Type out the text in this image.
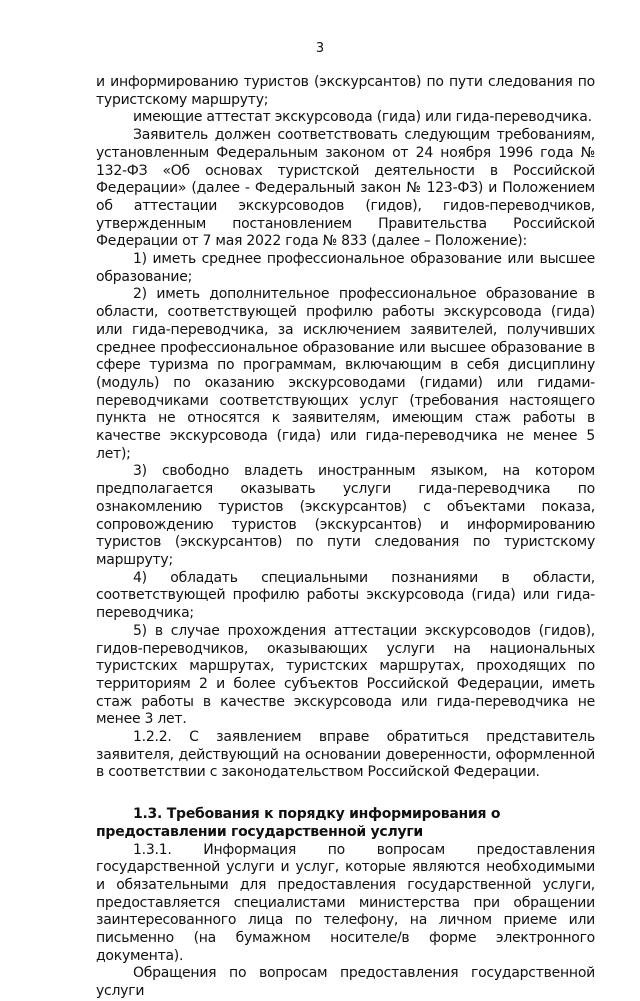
3

и информированию туристов (экскурсантов) по пути следования по туристскому маршруту;

имеющие аттестат экскурсовода (гида) или гида-переводчика.

Заявитель должен соответствовать следующим требованиям, установленным Федеральным законом от 24 ноября 1996 года № 132-ФЗ «Об основах туристской деятельности в Российской Федерации» (далее - Федеральный закон № 123-ФЗ) и Положением об аттестации экскурсоводов (гидов), гидов-переводчиков, утвержденным постановлением Правительства Российской Федерации от 7 мая 2022 года № 833 (далее – Положение):

1) иметь среднее профессиональное образование или высшее образование;

2) иметь дополнительное профессиональное образование в области, соответствующей профилю работы экскурсовода (гида) или гида-переводчика, за исключением заявителей, получивших среднее профессиональное образование или высшее образование в сфере туризма по программам, включающим в себя дисциплину (модуль) по оказанию экскурсоводами (гидами) или гидами-переводчиками соответствующих услуг (требования настоящего пункта не относятся к заявителям, имеющим стаж работы в качестве экскурсовода (гида) или гида-переводчика не менее 5 лет);

3) свободно владеть иностранным языком, на котором предполагается оказывать услуги гида-переводчика по ознакомлению туристов (экскурсантов) с объектами показа, сопровождению туристов (экскурсантов) и информированию туристов (экскурсантов) по пути следования по туристскому маршруту;

4) обладать специальными познаниями в области, соответствующей профилю работы экскурсовода (гида) или гида-переводчика;

5) в случае прохождения аттестации экскурсоводов (гидов), гидов-переводчиков, оказывающих услуги на национальных туристских маршрутах, туристских маршрутах, проходящих по территориям 2 и более субъектов Российской Федерации, иметь стаж работы в качестве экскурсовода или гида-переводчика не менее 3 лет.

1.2.2. С заявлением вправе обратиться представитель заявителя, действующий на основании доверенности, оформленной в соответствии с законодательством Российской Федерации.

1.3. Требования к порядку информирования о предоставлении государственной услуги

1.3.1. Информация по вопросам предоставления государственной услуги и услуг, которые являются необходимыми и обязательными для предоставления государственной услуги, предоставляется специалистами министерства при обращении заинтересованного лица по телефону, на личном приеме или письменно (на бумажном носителе/в форме электронного документа).

Обращения по вопросам предоставления государственной услуги
